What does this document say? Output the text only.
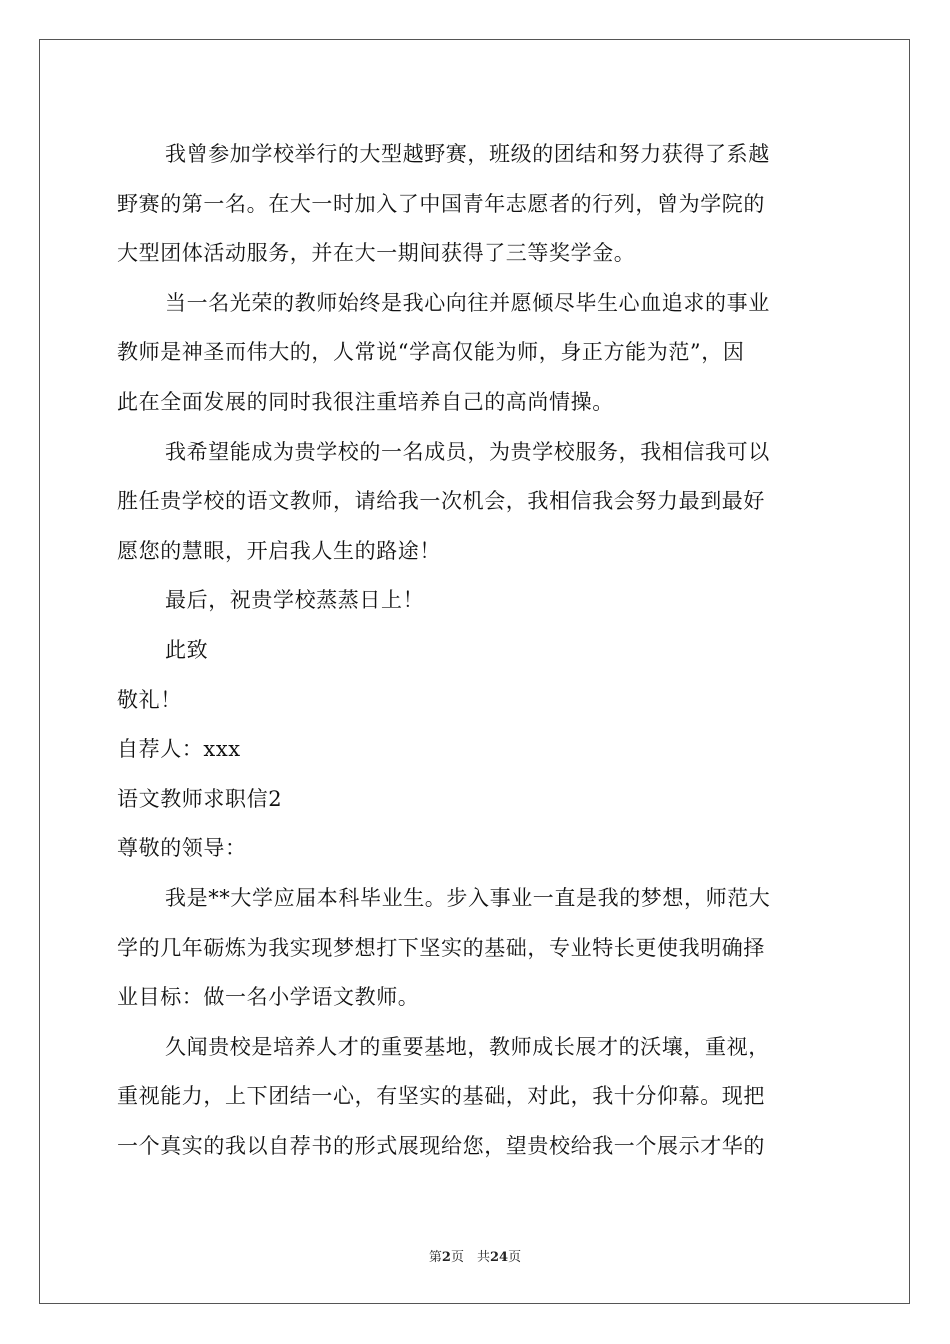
我曾参加学校举行的大型越野赛，班级的团结和努力获得了系越
野赛的第一名。在大一时加入了中国青年志愿者的行列，曾为学院的
大型团体活动服务，并在大一期间获得了三等奖学金。
当一名光荣的教师始终是我心向往并愿倾尽毕生心血追求的事业
教师是神圣而伟大的，人常说“学高仅能为师，身正方能为范”，因
此在全面发展的同时我很注重培养自己的高尚情操。
我希望能成为贵学校的一名成员，为贵学校服务，我相信我可以
胜任贵学校的语文教师，请给我一次机会，我相信我会努力最到最好
愿您的慧眼，开启我人生的路途！
最后，祝贵学校蒸蒸日上！
此致
敬礼！
自荐人：xxx
语文教师求职信2
尊敬的领导：
我是**大学应届本科毕业生。步入事业一直是我的梦想，师范大
学的几年砺炼为我实现梦想打下坚实的基础，专业特长更使我明确择
业目标：做一名小学语文教师。
久闻贵校是培养人才的重要基地，教师成长展才的沃壤，重视，
重视能力，上下团结一心，有坚实的基础，对此，我十分仰幕。现把
一个真实的我以自荐书的形式展现给您，望贵校给我一个展示才华的
第2页　共24页
